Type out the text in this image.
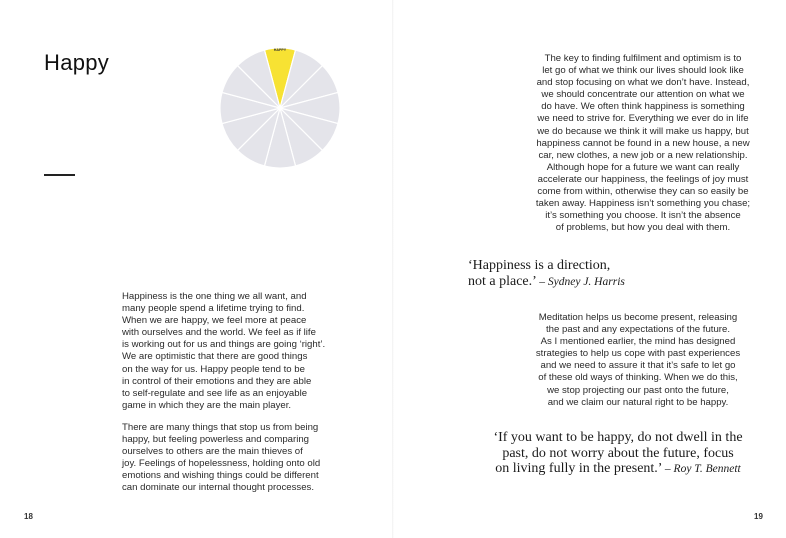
Happy	HAPPY
Happiness is the one thing we all want, and
many people spend a lifetime trying to find.
When we are happy, we feel more at peace
with ourselves and the world. We feel as if life
is working out for us and things are going ‘right’.
We are optimistic that there are good things
on the way for us. Happy people tend to be
in control of their emotions and they are able
to self-regulate and see life as an enjoyable
game in which they are the main player.
There are many things that stop us from being
happy, but feeling powerless and comparing
ourselves to others are the main thieves of
joy. Feelings of hopelessness, holding onto old
emotions and wishing things could be different
can dominate our internal thought processes.
18
The key to finding fulfilment and optimism is to
let go of what we think our lives should look like
and stop focusing on what we don’t have. Instead,
we should concentrate our attention on what we
do have. We often think happiness is something
we need to strive for. Everything we ever do in life
we do because we think it will make us happy, but
happiness cannot be found in a new house, a new
car, new clothes, a new job or a new relationship.
Although hope for a future we want can really
accelerate our happiness, the feelings of joy must
come from within, otherwise they can so easily be
taken away. Happiness isn’t something you chase;
it’s something you choose. It isn’t the absence
of problems, but how you deal with them.
‘Happiness is a direction,
not a place.’ – Sydney J. Harris
Meditation helps us become present, releasing
the past and any expectations of the future.
As I mentioned earlier, the mind has designed
strategies to help us cope with past experiences
and we need to assure it that it’s safe to let go
of these old ways of thinking. When we do this,
we stop projecting our past onto the future,
and we claim our natural right to be happy.
‘If you want to be happy, do not dwell in the
past, do not worry about the future, focus
on living fully in the present.’ – Roy T. Bennett
19
